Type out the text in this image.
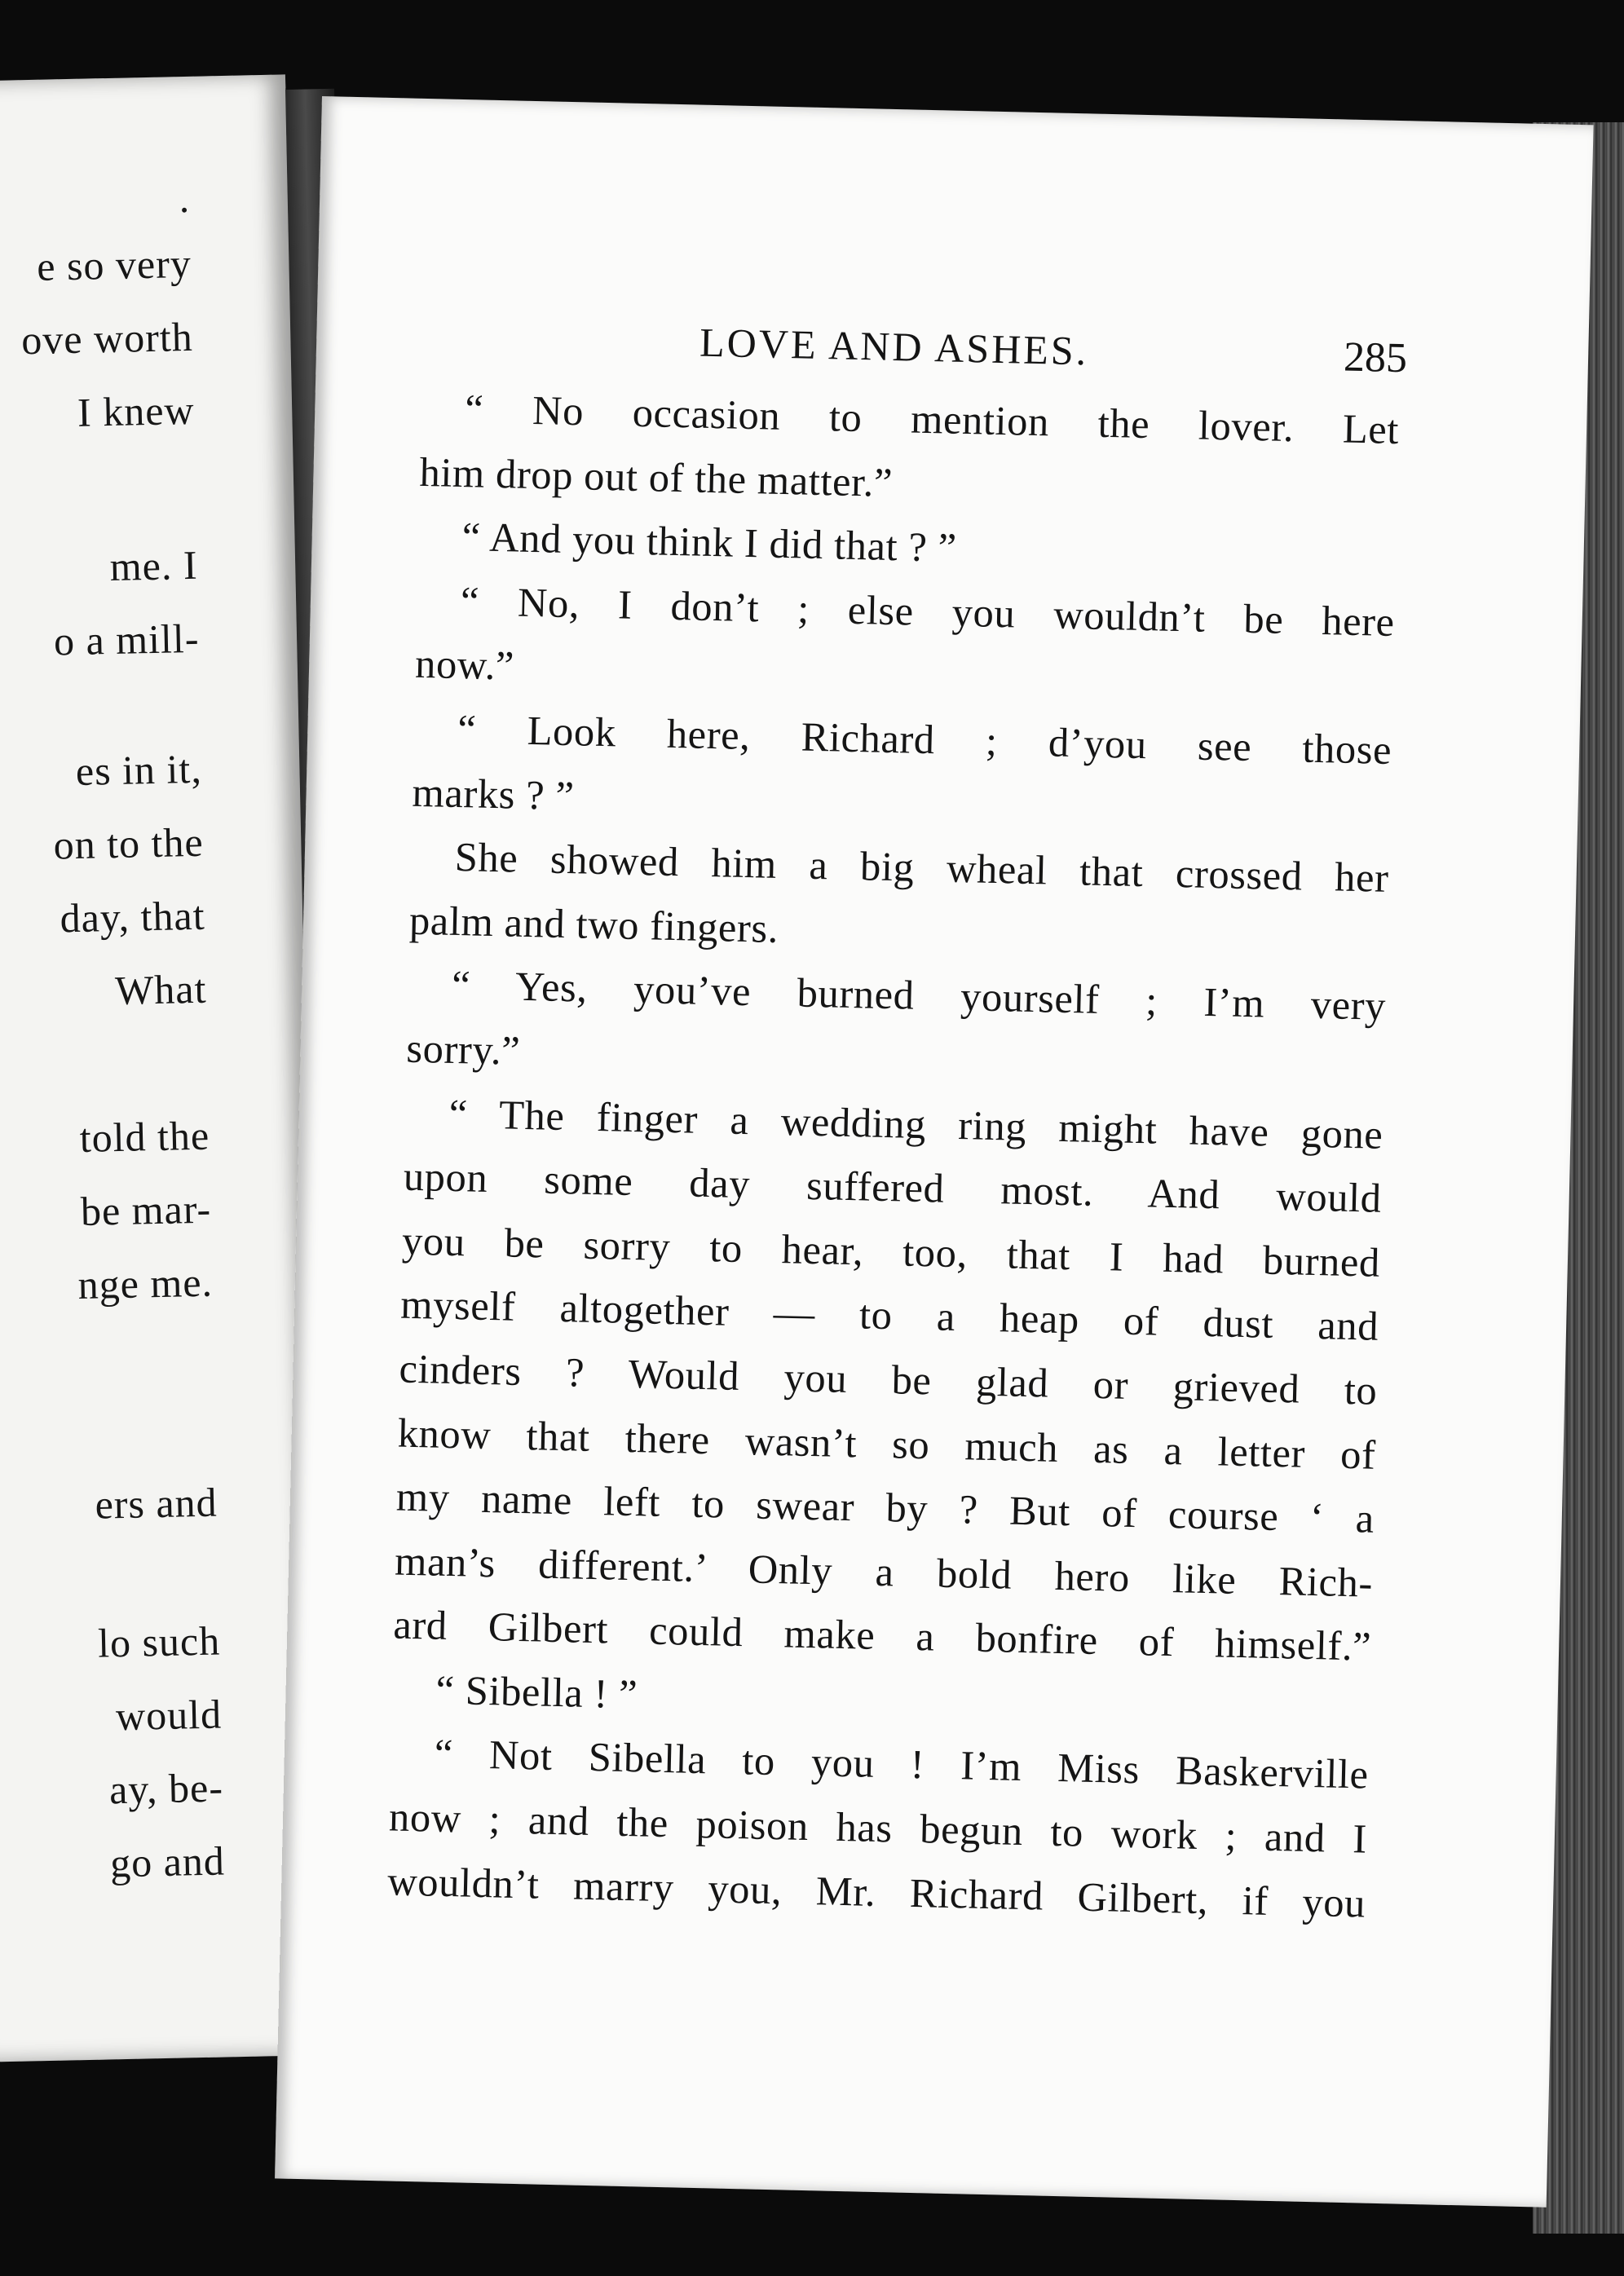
.
e so very
ove worth
I knew
me. I
o a mill-
es in it,
on to the
day, that
What
told the
be mar-
nge me.
ers and
lo such
would
ay, be-
go and
LOVE AND ASHES.	285
“ No occasion to mention the lover. Let
him drop out of the matter.”
“ And you think I did that ? ”
“ No, I don’t ; else you wouldn’t be here
now.”
“ Look here, Richard ; d’you see those
marks ? ”
She showed him a big wheal that crossed her
palm and two fingers.
“ Yes, you’ve burned yourself ; I’m very
sorry.”
“ The finger a wedding ring might have gone
upon some day suffered most. And would
you be sorry to hear, too, that I had burned
myself altogether — to a heap of dust and
cinders ? Would you be glad or grieved to
know that there wasn’t so much as a letter of
my name left to swear by ? But of course ‘ a
man’s different.’ Only a bold hero like Rich-
ard Gilbert could make a bonfire of himself.”
“ Sibella ! ”
“ Not Sibella to you ! I’m Miss Baskerville
now ; and the poison has begun to work ; and I
wouldn’t marry you, Mr. Richard Gilbert, if you
